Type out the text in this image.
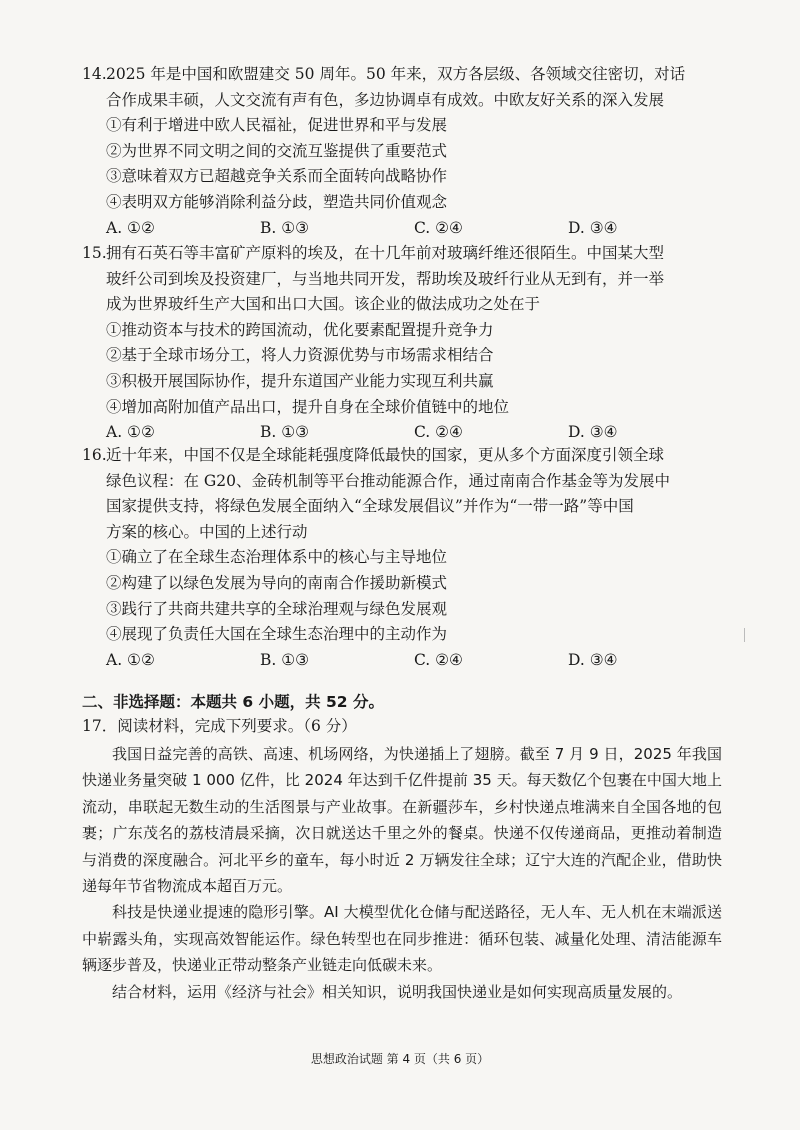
14.2025 年是中国和欧盟建交 50 周年。50 年来，双方各层级、各领域交往密切，对话
合作成果丰硕，人文交流有声有色，多边协调卓有成效。中欧友好关系的深入发展
①有利于增进中欧人民福祉，促进世界和平与发展
②为世界不同文明之间的交流互鉴提供了重要范式
③意味着双方已超越竞争关系而全面转向战略协作
④表明双方能够消除利益分歧，塑造共同价值观念
A. ①②	B. ①③	C. ②④	D. ③④
15.拥有石英石等丰富矿产原料的埃及，在十几年前对玻璃纤维还很陌生。中国某大型
玻纤公司到埃及投资建厂，与当地共同开发，帮助埃及玻纤行业从无到有，并一举
成为世界玻纤生产大国和出口大国。该企业的做法成功之处在于
①推动资本与技术的跨国流动，优化要素配置提升竞争力
②基于全球市场分工，将人力资源优势与市场需求相结合
③积极开展国际协作，提升东道国产业能力实现互利共赢
④增加高附加值产品出口，提升自身在全球价值链中的地位
A. ①②	B. ①③	C. ②④	D. ③④
16.近十年来，中国不仅是全球能耗强度降低最快的国家，更从多个方面深度引领全球
绿色议程：在 G20、金砖机制等平台推动能源合作，通过南南合作基金等为发展中
国家提供支持，将绿色发展全面纳入“全球发展倡议”并作为“一带一路”等中国
方案的核心。中国的上述行动
①确立了在全球生态治理体系中的核心与主导地位
②构建了以绿色发展为导向的南南合作援助新模式
③践行了共商共建共享的全球治理观与绿色发展观
④展现了负责任大国在全球生态治理中的主动作为
A. ①②	B. ①③	C. ②④	D. ③④
二、非选择题：本题共 6 小题，共 52 分。
17．阅读材料，完成下列要求。（6 分）

我国日益完善的高铁、高速、机场网络，为快递插上了翅膀。截至 7 月 9 日，2025 年我国快递业务量突破 1 000 亿件，比 2024 年达到千亿件提前 35 天。每天数亿个包裹在中国大地上流动，串联起无数生动的生活图景与产业故事。在新疆莎车，乡村快递点堆满来自全国各地的包裹；广东茂名的荔枝清晨采摘，次日就送达千里之外的餐桌。快递不仅传递商品，更推动着制造与消费的深度融合。河北平乡的童车，每小时近 2 万辆发往全球；辽宁大连的汽配企业，借助快递每年节省物流成本超百万元。

科技是快递业提速的隐形引擎。AI 大模型优化仓储与配送路径，无人车、无人机在末端派送中崭露头角，实现高效智能运作。绿色转型也在同步推进：循环包装、减量化处理、清洁能源车辆逐步普及，快递业正带动整条产业链走向低碳未来。

结合材料，运用《经济与社会》相关知识，说明我国快递业是如何实现高质量发展的。

思想政治试题 第 4 页（共 6 页）
